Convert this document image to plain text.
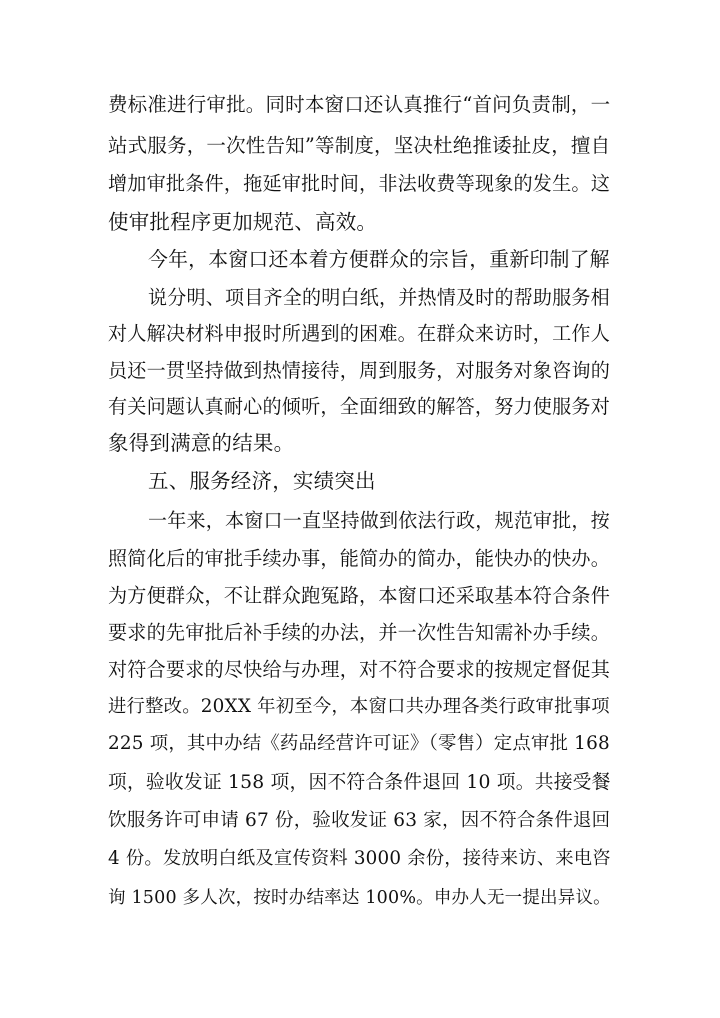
费标准进行审批。同时本窗口还认真推行“首问负责制，一
站式服务，一次性告知”等制度，坚决杜绝推诿扯皮，擅自
增加审批条件，拖延审批时间，非法收费等现象的发生。这
使审批程序更加规范、高效。
今年，本窗口还本着方便群众的宗旨，重新印制了解
说分明、项目齐全的明白纸，并热情及时的帮助服务相
对人解决材料申报时所遇到的困难。在群众来访时，工作人
员还一贯坚持做到热情接待，周到服务，对服务对象咨询的
有关问题认真耐心的倾听，全面细致的解答，努力使服务对
象得到满意的结果。
五、服务经济，实绩突出
一年来，本窗口一直坚持做到依法行政，规范审批，按
照简化后的审批手续办事，能简办的简办，能快办的快办。
为方便群众，不让群众跑冤路，本窗口还采取基本符合条件
要求的先审批后补手续的办法，并一次性告知需补办手续。
对符合要求的尽快给与办理，对不符合要求的按规定督促其
进行整改。20XX 年初至今，本窗口共办理各类行政审批事项
225 项，其中办结《药品经营许可证》（零售）定点审批 168
项，验收发证 158 项，因不符合条件退回 10 项。共接受餐
饮服务许可申请 67 份，验收发证 63 家，因不符合条件退回
4 份。发放明白纸及宣传资料 3000 余份，接待来访、来电咨
询 1500 多人次，按时办结率达 100%。申办人无一提出异议。
